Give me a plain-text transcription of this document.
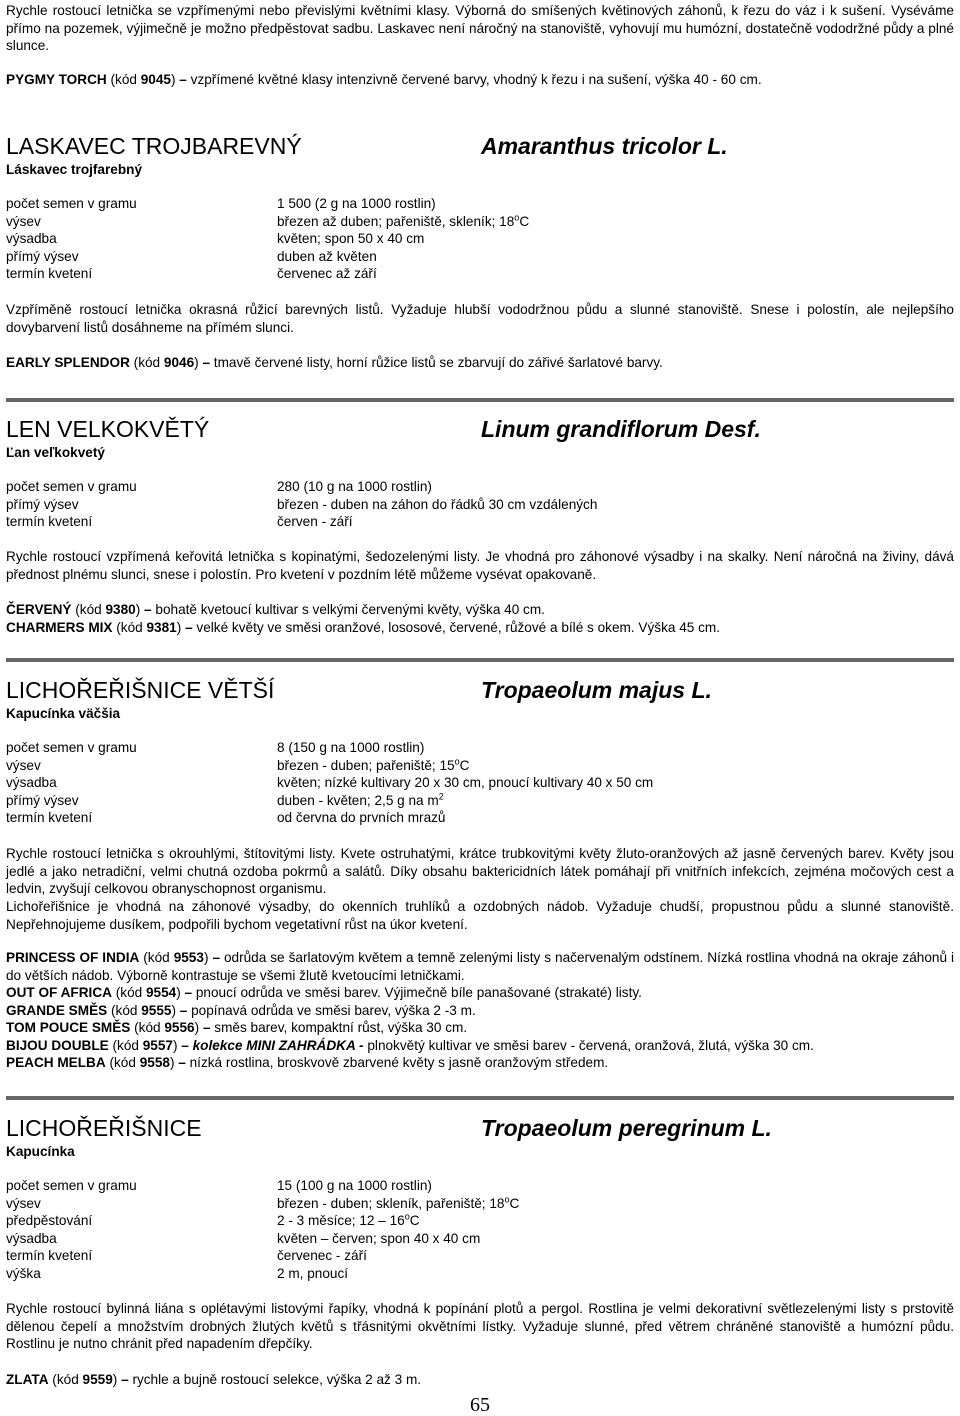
Rychle rostoucí letnička se vzpřímenými nebo převislými květními klasy. Výborná do smíšených květinových záhonů, k řezu do váz i k sušení. Vyséváme přímo na pozemek, výjimečně je možno předpěstovat sadbu. Laskavec není náročný na stanoviště, vyhovují mu humózní, dostatečně vododržné půdy a plné slunce.

PYGMY TORCH (kód 9045) – vzpřímené květné klasy intenzivně červené barvy, vhodný k řezu i na sušení, výška 40 - 60 cm.

LASKAVEC TROJBAREVNÝ	Amaranthus tricolor L.
Láskavec trojfarebný
počet semen v gramu	1 500 (2 g na 1000 rostlin)
výsev	březen až duben; pařeniště, skleník; 18$^o$C
výsadba	květen; spon 50 x 40 cm
přímý výsev	duben až květen
termín kvetení	červenec až září

Vzpříměně rostoucí letnička okrasná růžicí barevných listů. Vyžaduje hlubší vododržnou půdu a slunné stanoviště. Snese i polostín, ale nejlepšího dovybarvení listů dosáhneme na přímém slunci.

EARLY SPLENDOR (kód 9046) – tmavě červené listy, horní růžice listů se zbarvují do zářivé šarlatové barvy.

LEN VELKOKVĚTÝ	Linum grandiflorum Desf.
Ľan veľkokvetý
počet semen v gramu	280 (10 g na 1000 rostlin)
přímý výsev	březen - duben na záhon do řádků 30 cm vzdálených
termín kvetení	červen - září

Rychle rostoucí vzpřímená keřovitá letnička s kopinatými, šedozelenými listy. Je vhodná pro záhonové výsadby i na skalky. Není náročná na živiny, dává přednost plnému slunci, snese i polostín. Pro kvetení v pozdním létě můžeme vysévat opakovaně.

ČERVENÝ (kód 9380) – bohatě kvetoucí kultivar s velkými červenými květy, výška 40 cm.

CHARMERS MIX (kód 9381) – velké květy ve směsi oranžové, lososové, červené, růžové a bílé s okem. Výška 45 cm.

LICHOŘEŘIŠNICE VĚTŠÍ	Tropaeolum majus L.
Kapucínka väčšia
počet semen v gramu	8 (150 g na 1000 rostlin)
výsev	březen - duben; pařeniště; 15$^o$C
výsadba	květen; nízké kultivary 20 x 30 cm, pnoucí kultivary 40 x 50 cm
přímý výsev	duben - květen; 2,5 g na $m^2$
termín kvetení	od června do prvních mrazů

Rychle rostoucí letnička s okrouhlými, štítovitými listy. Kvete ostruhatými, krátce trubkovitými květy žluto-oranžových až jasně červených barev. Květy jsou jedlé a jako netradiční, velmi chutná ozdoba pokrmů a salátů. Díky obsahu baktericidních látek pomáhají při vnitřních infekcích, zejména močových cest a ledvin, zvyšují celkovou obranyschopnost organismu.

Lichořeřišnice je vhodná na záhonové výsadby, do okenních truhlíků a ozdobných nádob. Vyžaduje chudší, propustnou půdu a slunné stanoviště. Nepřehnojujeme dusíkem, podpořili bychom vegetativní růst na úkor kvetení.

PRINCESS OF INDIA (kód 9553) – odrůda se šarlatovým květem a temně zelenými listy s načervenalým odstínem. Nízká rostlina vhodná na okraje záhonů i do větších nádob. Výborně kontrastuje se všemi žlutě kvetoucími letničkami.

OUT OF AFRICA (kód 9554) – pnoucí odrůda ve směsi barev. Výjimečně bíle panašované (strakaté) listy.

GRANDE SMĚS (kód 9555) – popínavá odrůda ve směsi barev, výška 2 -3 m.

TOM POUCE SMĚS (kód 9556) – směs barev, kompaktní růst, výška 30 cm.

BIJOU DOUBLE (kód 9557) – kolekce MINI ZAHRÁDKA - plnokvětý kultivar ve směsi barev - červená, oranžová, žlutá, výška 30 cm.

PEACH MELBA (kód 9558) – nízká rostlina, broskvově zbarvené květy s jasně oranžovým středem.

LICHOŘEŘIŠNICE	Tropaeolum peregrinum L.
Kapucínka
počet semen v gramu	15 (100 g na 1000 rostlin)
výsev	březen - duben; skleník, pařeniště; 18$^o$C
předpěstování	2 - 3 měsíce; 12 – 16$^o$C
výsadba	květen – červen; spon 40 x 40 cm
termín kvetení	červenec - září
výška	2 m, pnoucí

Rychle rostoucí bylinná liána s oplétavými listovými řapíky, vhodná k popínání plotů a pergol. Rostlina je velmi dekorativní světlezelenými listy s prstovitě dělenou čepelí a množstvím drobných žlutých květů s třásnitými okvětními lístky. Vyžaduje slunné, před větrem chráněné stanoviště a humózní půdu. Rostlinu je nutno chránit před napadením dřepčíky.

ZLATA (kód 9559) – rychle a bujně rostoucí selekce, výška 2 až 3 m.

65
